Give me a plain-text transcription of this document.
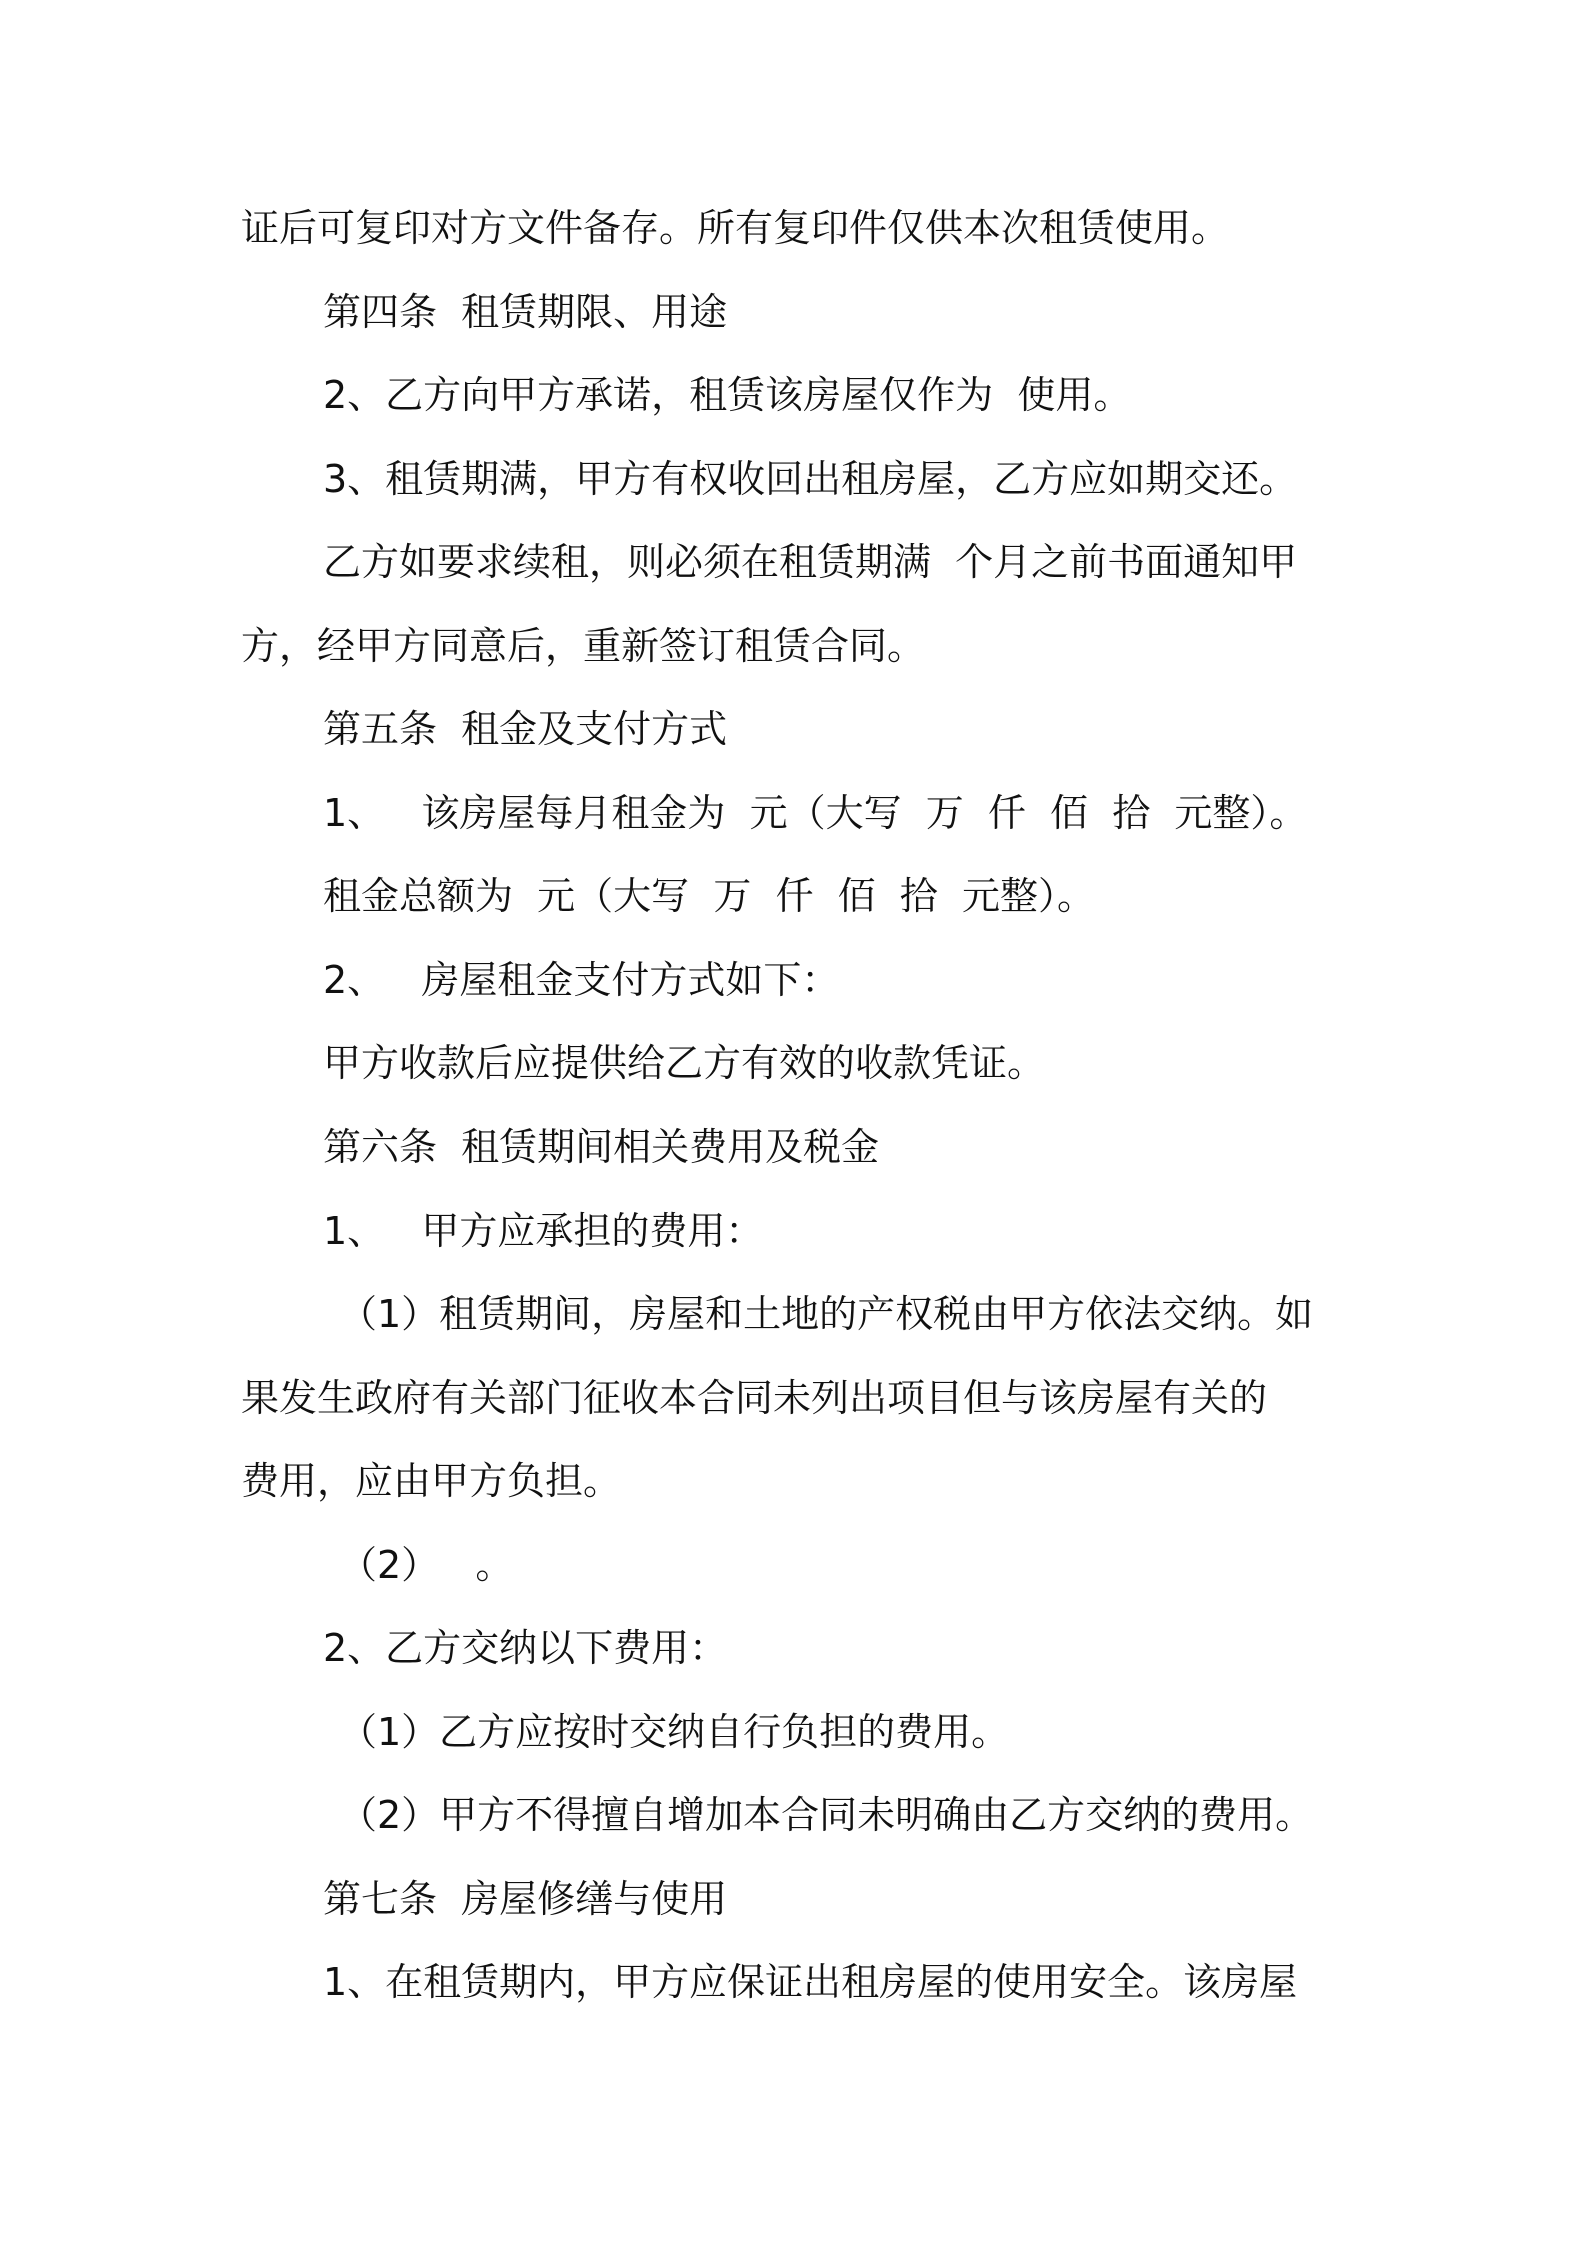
证后可复印对方文件备存。所有复印件仅供本次租赁使用。
第四条  租赁期限、用途
2、乙方向甲方承诺，租赁该房屋仅作为  使用。
3、租赁期满，甲方有权收回出租房屋，乙方应如期交还。
乙方如要求续租，则必须在租赁期满  个月之前书面通知甲
方，经甲方同意后，重新签订租赁合同。
第五条  租金及支付方式
1、   该房屋每月租金为  元（大写  万  仟  佰  拾  元整）。
租金总额为  元（大写  万  仟  佰  拾  元整）。
2、   房屋租金支付方式如下：
甲方收款后应提供给乙方有效的收款凭证。
第六条  租赁期间相关费用及税金
1、   甲方应承担的费用：
（1）租赁期间，房屋和土地的产权税由甲方依法交纳。如
果发生政府有关部门征收本合同未列出项目但与该房屋有关的
费用，应由甲方负担。
（2）   。
2、乙方交纳以下费用：
（1）乙方应按时交纳自行负担的费用。
（2）甲方不得擅自增加本合同未明确由乙方交纳的费用。
第七条  房屋修缮与使用
1、在租赁期内，甲方应保证出租房屋的使用安全。该房屋
